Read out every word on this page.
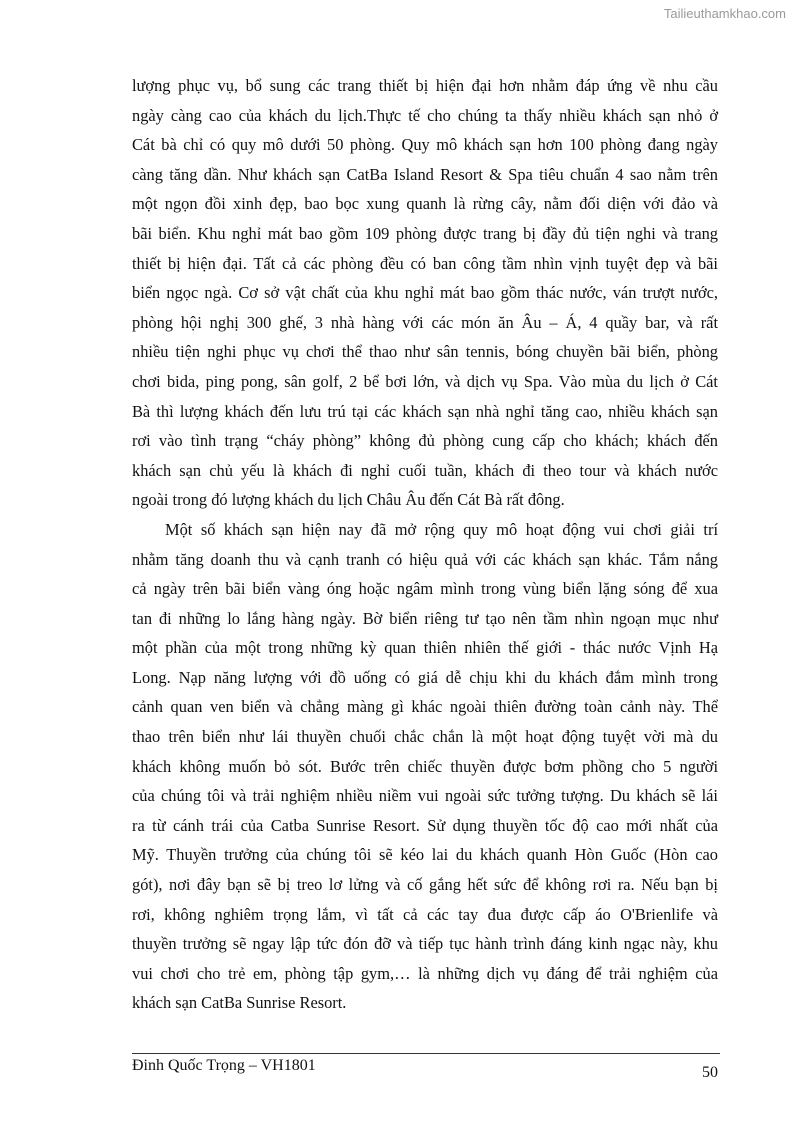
Tailieuthamkhao.com
lượng phục vụ, bổ sung các trang thiết bị hiện đại hơn nhằm đáp ứng về nhu cầu
ngày càng cao của khách du lịch.Thực tế cho chúng ta thấy nhiều khách sạn nhỏ ở
Cát bà chỉ có quy mô dưới 50 phòng. Quy mô khách sạn hơn 100 phòng đang ngày
càng tăng dần. Như khách sạn CatBa Island Resort & Spa tiêu chuẩn 4 sao nằm trên
một ngọn đồi xinh đẹp, bao bọc xung quanh là rừng cây, nằm đối diện với đảo và
bãi biển. Khu nghỉ mát bao gồm 109 phòng được trang bị đầy đủ tiện nghi và trang
thiết bị hiện đại. Tất cả các phòng đều có ban công tầm nhìn vịnh tuyệt đẹp và bãi
biển ngọc ngà. Cơ sở vật chất của khu nghỉ mát bao gồm thác nước, ván trượt nước,
phòng hội nghị 300 ghế, 3 nhà hàng với các món ăn Âu – Á, 4 quầy bar, và rất
nhiều tiện nghi phục vụ chơi thể thao như sân tennis, bóng chuyền bãi biển, phòng
chơi bida, ping pong, sân golf, 2 bể bơi lớn, và dịch vụ Spa. Vào mùa du lịch ở Cát
Bà thì lượng khách đến lưu trú tại các khách sạn nhà nghỉ tăng cao, nhiều khách sạn
rơi vào tình trạng “cháy phòng” không đủ phòng cung cấp cho khách; khách đến
khách sạn chủ yếu là khách đi nghỉ cuối tuần, khách đi theo tour và khách nước
ngoài trong đó lượng khách du lịch Châu Âu đến Cát Bà rất đông.
Một số khách sạn hiện nay đã mở rộng quy mô hoạt động vui chơi giải trí
nhằm tăng doanh thu và cạnh tranh có hiệu quả với các khách sạn khác. Tắm nắng
cả ngày trên bãi biển vàng óng hoặc ngâm mình trong vùng biển lặng sóng để xua
tan đi những lo lắng hàng ngày. Bờ biển riêng tư tạo nên tầm nhìn ngoạn mục như
một phần của một trong những kỳ quan thiên nhiên thế giới - thác nước Vịnh Hạ
Long. Nạp năng lượng với đồ uống có giá dễ chịu khi du khách đắm mình trong
cảnh quan ven biển và chẳng màng gì khác ngoài thiên đường toàn cảnh này. Thể
thao trên biển như lái thuyền chuối chắc chắn là một hoạt động tuyệt vời mà du
khách không muốn bỏ sót. Bước trên chiếc thuyền được bơm phồng cho 5 người
của chúng tôi và trải nghiệm nhiều niềm vui ngoài sức tưởng tượng. Du khách sẽ lái
ra từ cánh trái của Catba Sunrise Resort. Sử dụng thuyền tốc độ cao mới nhất của
Mỹ. Thuyền trưởng của chúng tôi sẽ kéo lai du khách quanh Hòn Guốc (Hòn cao
gót), nơi đây bạn sẽ bị treo lơ lửng và cố gắng hết sức để không rơi ra. Nếu bạn bị
rơi, không nghiêm trọng lắm, vì tất cả các tay đua được cấp áo O'Brienlife và
thuyền trưởng sẽ ngay lập tức đón đỡ và tiếp tục hành trình đáng kinh ngạc này, khu
vui chơi cho trẻ em, phòng tập gym,… là những dịch vụ đáng để trải nghiệm của
khách sạn CatBa Sunrise Resort.
Đinh Quốc Trọng – VH1801	50
